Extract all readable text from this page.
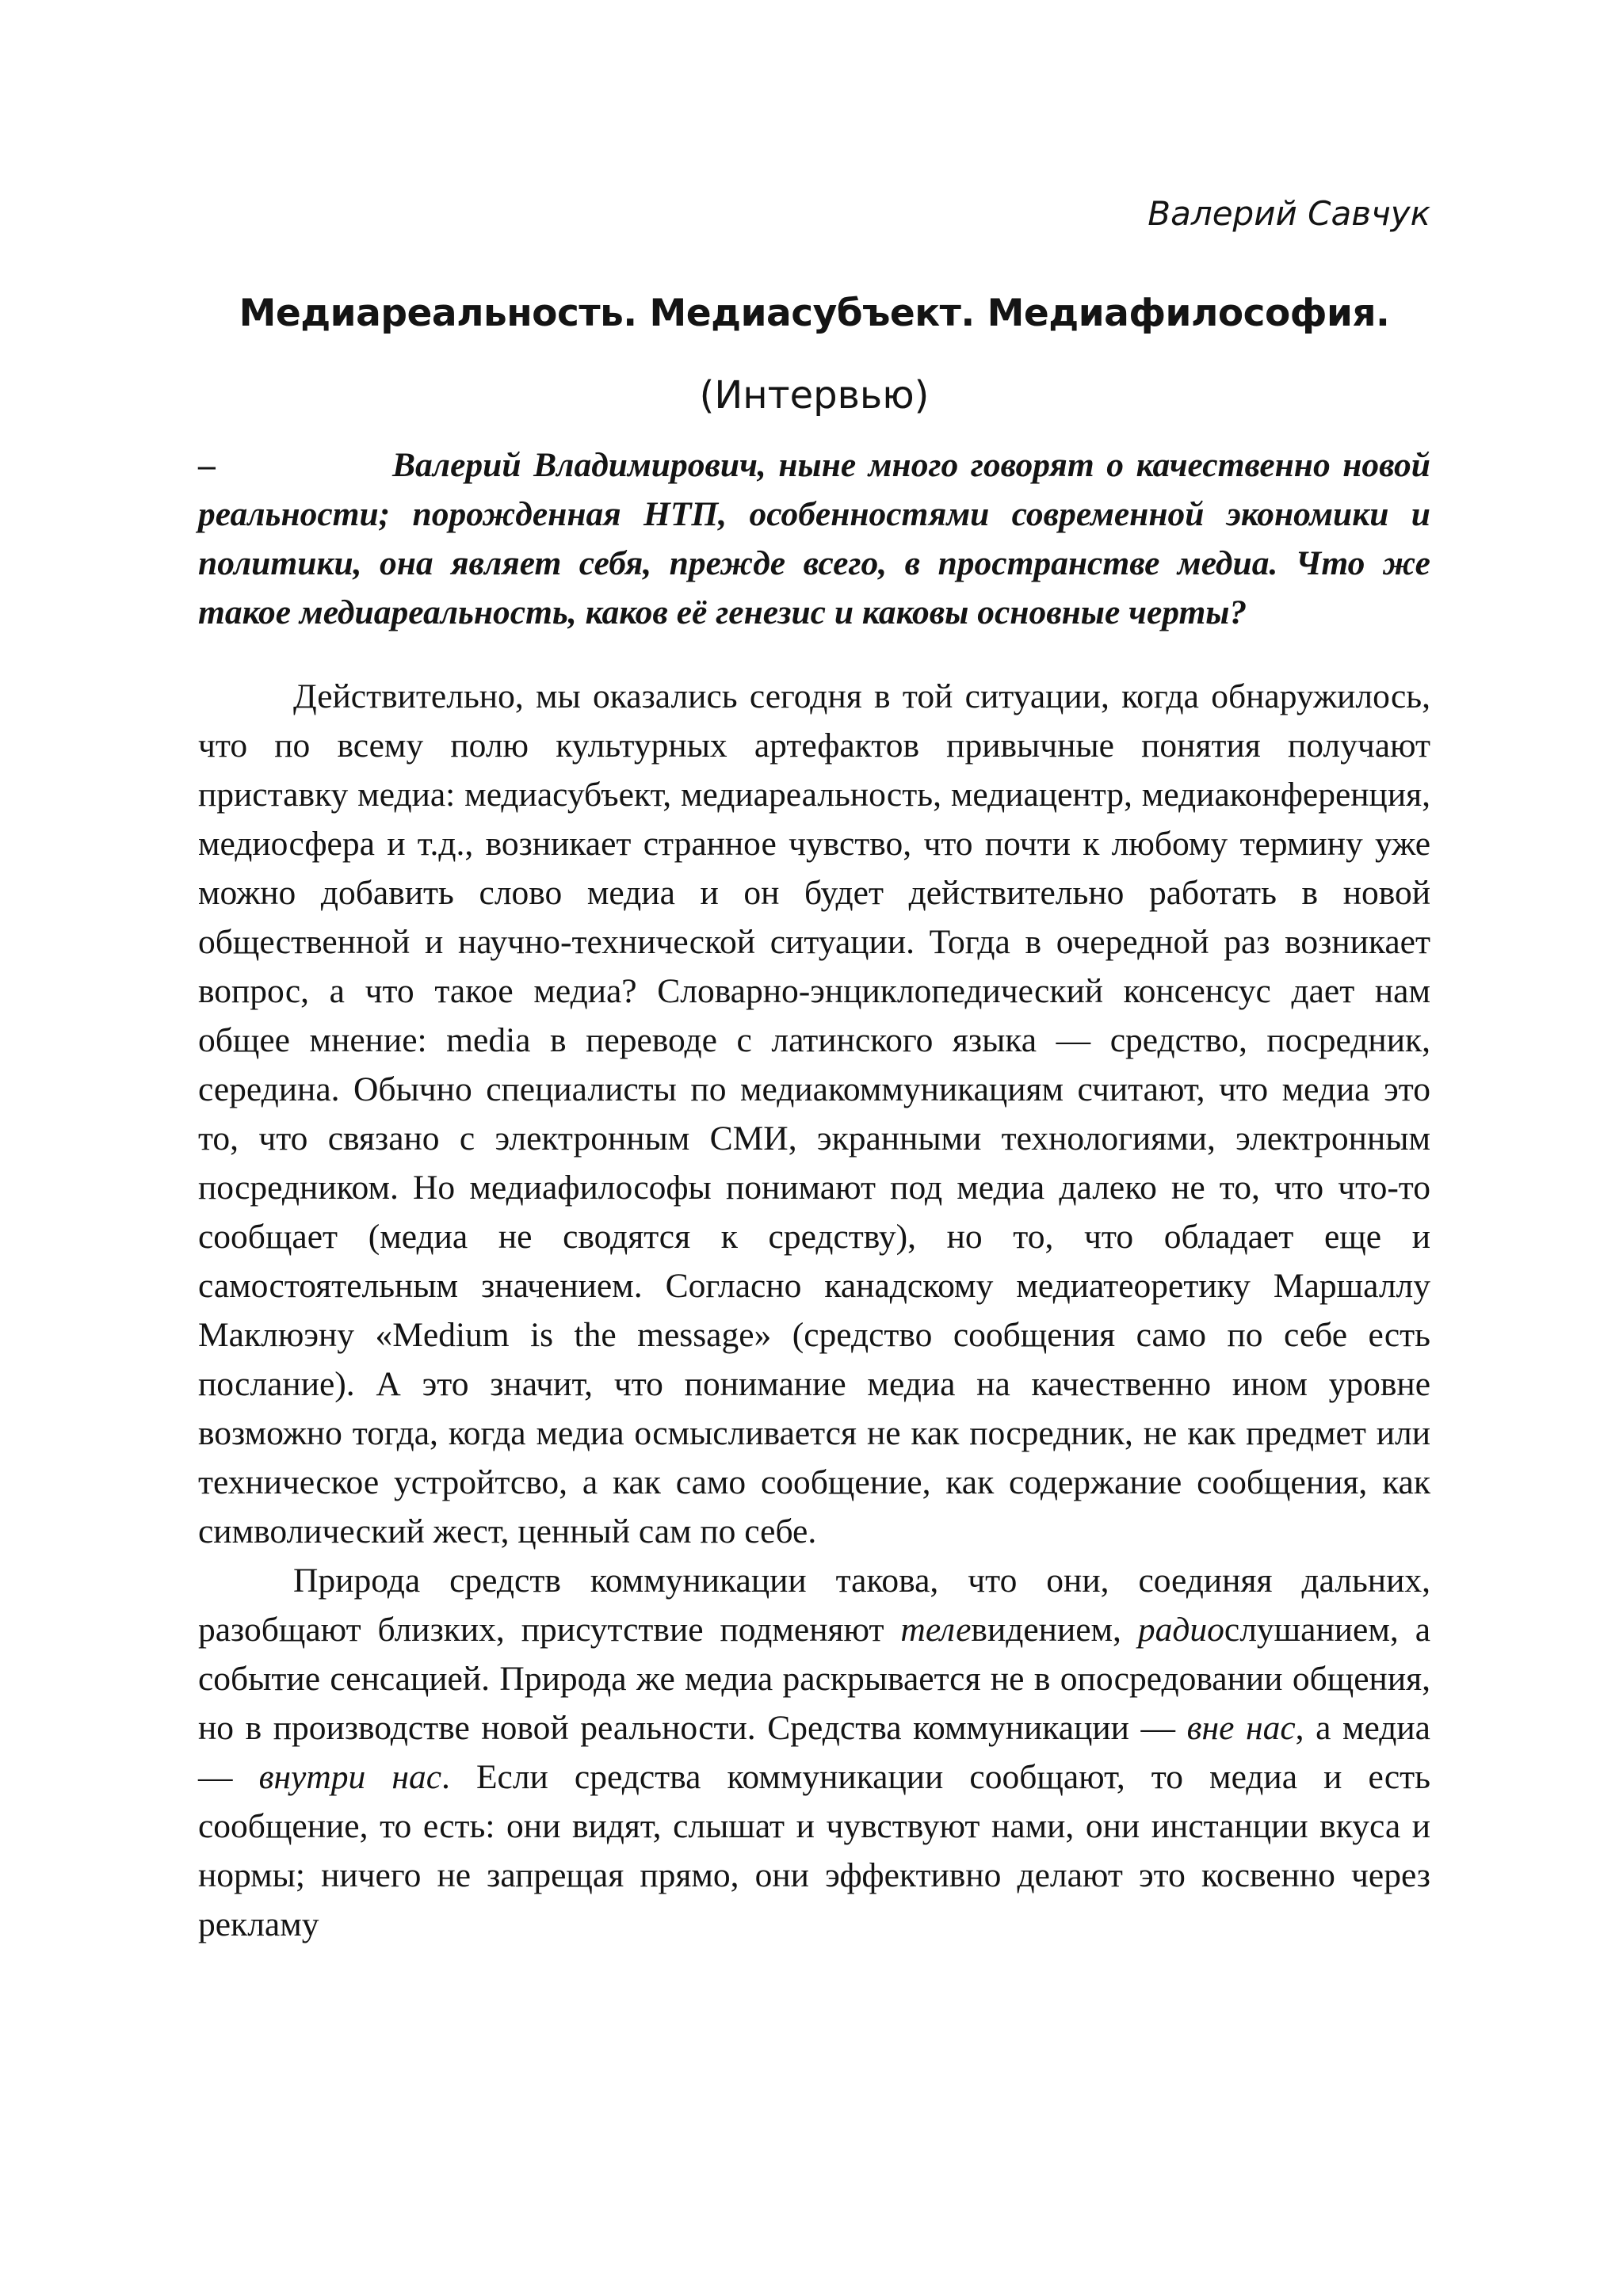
Валерий Савчук

Медиареальность. Медиасубъект. Медиафилософия.

(Интервью)

–	Валерий Владимирович, ныне много говорят о качественно новой реальности; порожденная НТП, особенностями современной экономики и политики, она являет себя, прежде всего, в пространстве медиа. Что же такое медиареальность, каков её генезис и каковы основные черты?

Действительно, мы оказались сегодня в той ситуации, когда обнаружилось, что по всему полю культурных артефактов привычные понятия получают приставку медиа: медиасубъект, медиареальность, медиацентр, медиаконференция, медиосфера и т.д., возникает странное чувство, что почти к любому термину уже можно добавить слово медиа и он будет действительно работать в новой общественной и научно-технической ситуации. Тогда в очередной раз возникает вопрос, а что такое медиа? Словарно-энциклопедический консенсус дает нам общее мнение: media в переводе с латинского языка — средство, посредник, середина. Обычно специалисты по медиакоммуникациям считают, что медиа это то, что связано с электронным СМИ, экранными технологиями, электронным посредником. Но медиафилософы понимают под медиа далеко не то, что что-то сообщает (медиа не сводятся к средству), но то, что обладает еще и самостоятельным значением. Согласно канадскому медиатеоретику Маршаллу Маклюэну «Medium is the message» (средство сообщения само по себе есть послание). А это значит, что понимание медиа на качественно ином уровне возможно тогда, когда медиа осмысливается не как посредник, не как предмет или техническое устройтсво, а как само сообщение, как содержание сообщения, как символический жест, ценный сам по себе.

Природа средств коммуникации такова, что они, соединяя дальних, разобщают близких, присутствие подменяют телевидением, радиослушанием, а событие сенсацией. Природа же медиа раскрывается не в опосредовании общения, но в производстве новой реальности. Средства коммуникации — вне нас, а медиа — внутри нас. Если средства коммуникации сообщают, то медиа и есть сообщение, то есть: они видят, слышат и чувствуют нами, они инстанции вкуса и нормы; ничего не запрещая прямо, они эффективно делают это косвенно через рекламу
